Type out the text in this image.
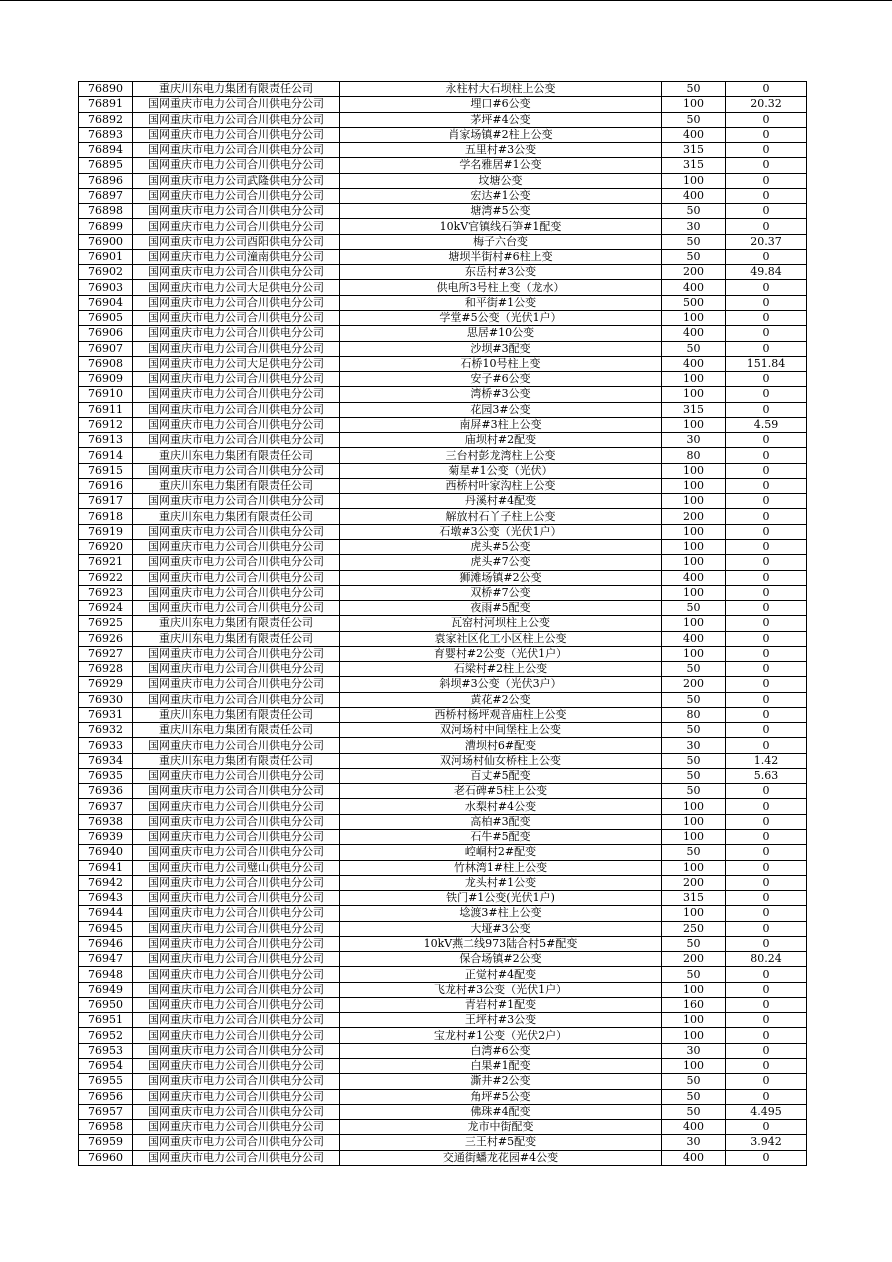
76890	重庆川东电力集团有限责任公司	永柱村大石坝柱上公变	50	0
76891	国网重庆市电力公司合川供电分公司	埋口#6公变	100	20.32
76892	国网重庆市电力公司合川供电分公司	茅坪#4公变	50	0
76893	国网重庆市电力公司合川供电分公司	肖家场镇#2柱上公变	400	0
76894	国网重庆市电力公司合川供电分公司	五里村#3公变	315	0
76895	国网重庆市电力公司合川供电分公司	学名雅居#1公变	315	0
76896	国网重庆市电力公司武隆供电分公司	坟塘公变	100	0
76897	国网重庆市电力公司合川供电分公司	宏达#1公变	400	0
76898	国网重庆市电力公司合川供电分公司	塘湾#5公变	50	0
76899	国网重庆市电力公司合川供电分公司	10kV官镇线石笋#1配变	30	0
76900	国网重庆市电力公司酉阳供电分公司	梅子六台变	50	20.37
76901	国网重庆市电力公司潼南供电分公司	塘坝半街村#6柱上变	50	0
76902	国网重庆市电力公司合川供电分公司	东岳村#3公变	200	49.84
76903	国网重庆市电力公司大足供电分公司	供电所3号柱上变（龙水）	400	0
76904	国网重庆市电力公司合川供电分公司	和平街#1公变	500	0
76905	国网重庆市电力公司合川供电分公司	学堂#5公变（光伏1户）	100	0
76906	国网重庆市电力公司合川供电分公司	思居#10公变	400	0
76907	国网重庆市电力公司合川供电分公司	沙坝#3配变	50	0
76908	国网重庆市电力公司大足供电分公司	石桥10号柱上变	400	151.84
76909	国网重庆市电力公司合川供电分公司	安子#6公变	100	0
76910	国网重庆市电力公司合川供电分公司	湾桥#3公变	100	0
76911	国网重庆市电力公司合川供电分公司	花园3#公变	315	0
76912	国网重庆市电力公司合川供电分公司	南屏#3柱上公变	100	4.59
76913	国网重庆市电力公司合川供电分公司	庙坝村#2配变	30	0
76914	重庆川东电力集团有限责任公司	三台村彭龙湾柱上公变	80	0
76915	国网重庆市电力公司合川供电分公司	菊星#1公变（光伏）	100	0
76916	重庆川东电力集团有限责任公司	西桥村叶家沟柱上公变	100	0
76917	国网重庆市电力公司合川供电分公司	丹溪村#4配变	100	0
76918	重庆川东电力集团有限责任公司	解放村石丫子柱上公变	200	0
76919	国网重庆市电力公司合川供电分公司	石墩#3公变（光伏1户）	100	0
76920	国网重庆市电力公司合川供电分公司	虎头#5公变	100	0
76921	国网重庆市电力公司合川供电分公司	虎头#7公变	100	0
76922	国网重庆市电力公司合川供电分公司	狮滩场镇#2公变	400	0
76923	国网重庆市电力公司合川供电分公司	双桥#7公变	100	0
76924	国网重庆市电力公司合川供电分公司	夜雨#5配变	50	0
76925	重庆川东电力集团有限责任公司	瓦窑村河坝柱上公变	100	0
76926	重庆川东电力集团有限责任公司	袁家社区化工小区柱上公变	400	0
76927	国网重庆市电力公司合川供电分公司	育婴村#2公变（光伏1户）	100	0
76928	国网重庆市电力公司合川供电分公司	石梁村#2柱上公变	50	0
76929	国网重庆市电力公司合川供电分公司	斜坝#3公变（光伏3户）	200	0
76930	国网重庆市电力公司合川供电分公司	黄花#2公变	50	0
76931	重庆川东电力集团有限责任公司	西桥村杨坪观音庙柱上公变	80	0
76932	重庆川东电力集团有限责任公司	双河场村中间堡柱上公变	50	0
76933	国网重庆市电力公司合川供电分公司	漕坝村6#配变	30	0
76934	重庆川东电力集团有限责任公司	双河场村仙女桥柱上公变	50	1.42
76935	国网重庆市电力公司合川供电分公司	百丈#5配变	50	5.63
76936	国网重庆市电力公司合川供电分公司	老石碑#5柱上公变	50	0
76937	国网重庆市电力公司合川供电分公司	水梨村#4公变	100	0
76938	国网重庆市电力公司合川供电分公司	高柏#3配变	100	0
76939	国网重庆市电力公司合川供电分公司	石牛#5配变	100	0
76940	国网重庆市电力公司合川供电分公司	崆峒村2#配变	50	0
76941	国网重庆市电力公司璧山供电分公司	竹林湾1#柱上公变	100	0
76942	国网重庆市电力公司合川供电分公司	龙头村#1公变	200	0
76943	国网重庆市电力公司合川供电分公司	铁门#1公变(光伏1户)	315	0
76944	国网重庆市电力公司合川供电分公司	埝渡3#柱上公变	100	0
76945	国网重庆市电力公司合川供电分公司	大垭#3公变	250	0
76946	国网重庆市电力公司合川供电分公司	10kV燕二线973陆合村5#配变	50	0
76947	国网重庆市电力公司合川供电分公司	保合场镇#2公变	200	80.24
76948	国网重庆市电力公司合川供电分公司	正觉村#4配变	50	0
76949	国网重庆市电力公司合川供电分公司	飞龙村#3公变（光伏1户）	100	0
76950	国网重庆市电力公司合川供电分公司	青岩村#1配变	160	0
76951	国网重庆市电力公司合川供电分公司	王坪村#3公变	100	0
76952	国网重庆市电力公司合川供电分公司	宝龙村#1公变（光伏2户）	100	0
76953	国网重庆市电力公司合川供电分公司	白湾#6公变	30	0
76954	国网重庆市电力公司合川供电分公司	白果#1配变	100	0
76955	国网重庆市电力公司合川供电分公司	澌井#2公变	50	0
76956	国网重庆市电力公司合川供电分公司	角坪#5公变	50	0
76957	国网重庆市电力公司合川供电分公司	佛珠#4配变	50	4.495
76958	国网重庆市电力公司合川供电分公司	龙市中街配变	400	0
76959	国网重庆市电力公司合川供电分公司	三王村#5配变	30	3.942
76960	国网重庆市电力公司合川供电分公司	交通街蟠龙花园#4公变	400	0
